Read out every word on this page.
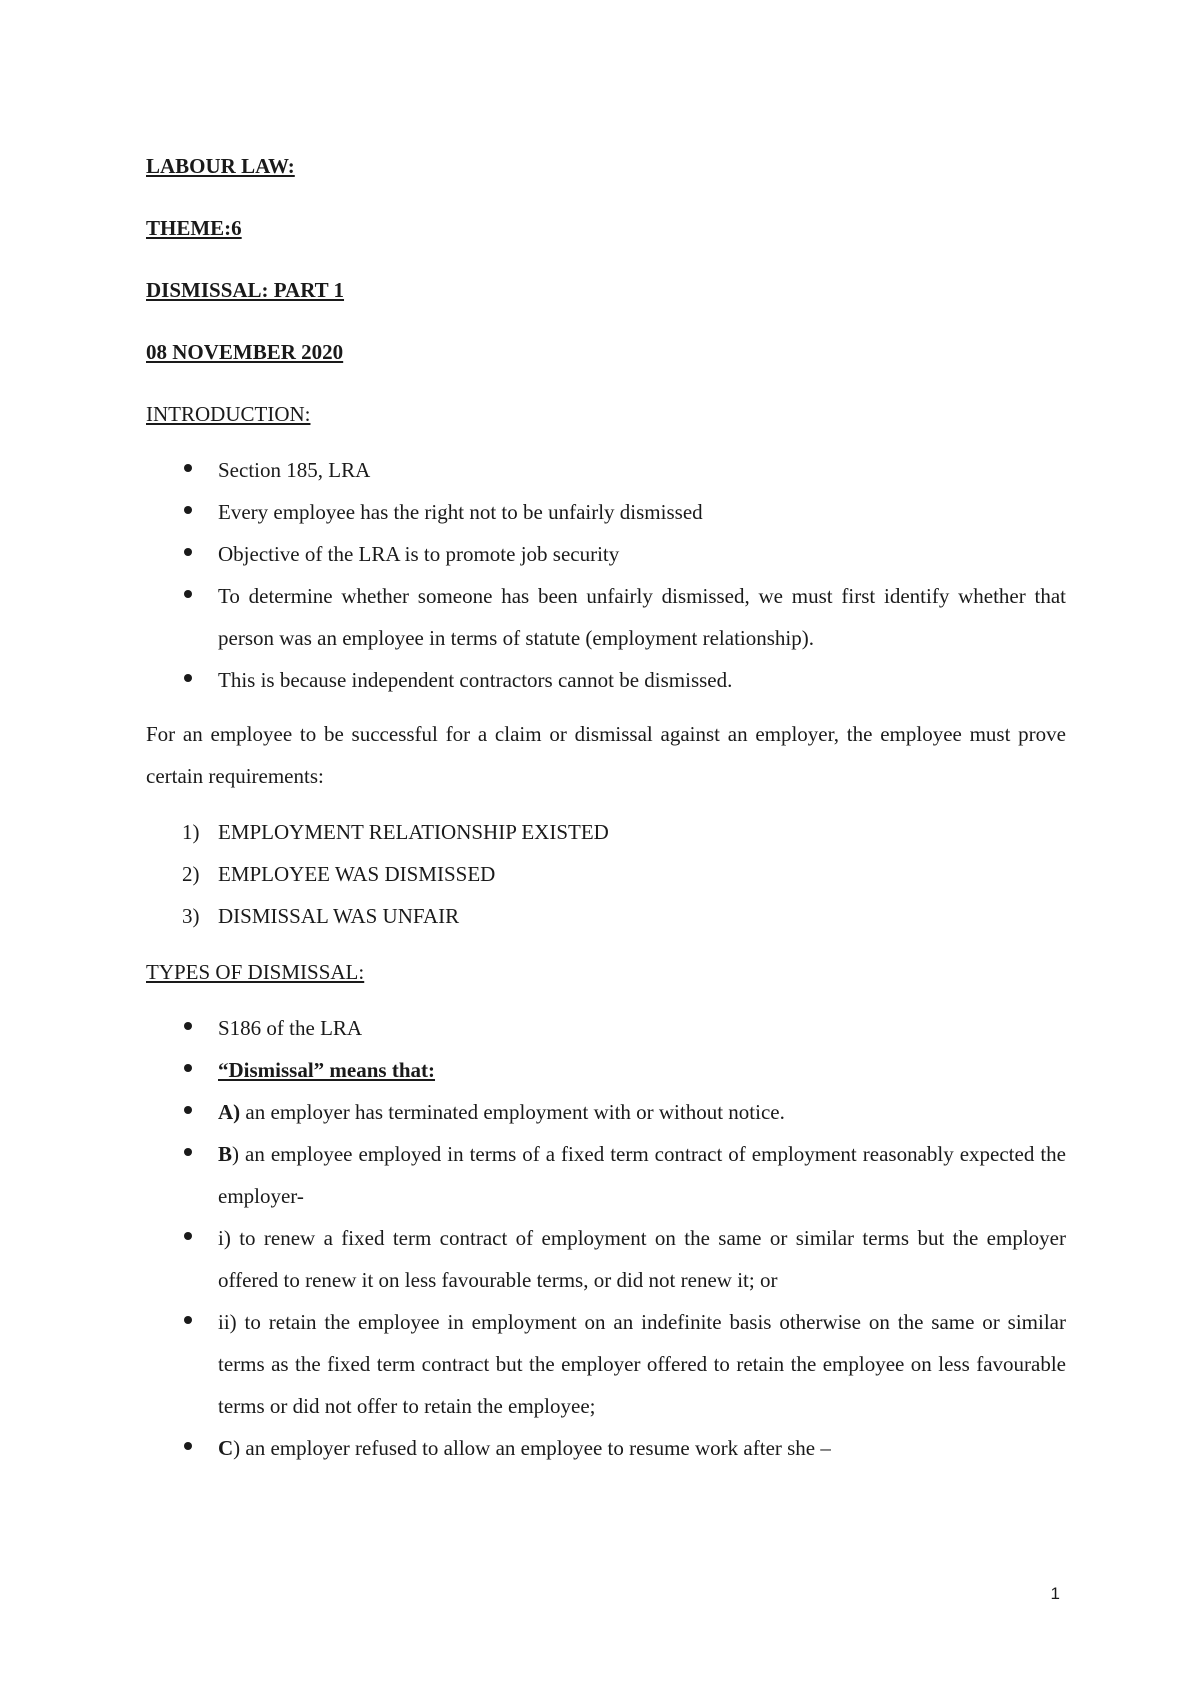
LABOUR LAW:
THEME:6
DISMISSAL: PART 1
08 NOVEMBER 2020
INTRODUCTION:
Section 185, LRA
Every employee has the right not to be unfairly dismissed
Objective of the LRA is to promote job security
To determine whether someone has been unfairly dismissed, we must first identify whether that person was an employee in terms of statute (employment relationship).
This is because independent contractors cannot be dismissed.

For an employee to be successful for a claim or dismissal against an employer, the employee must prove certain requirements:

1) EMPLOYMENT RELATIONSHIP EXISTED
2) EMPLOYEE WAS DISMISSED
3) DISMISSAL WAS UNFAIR
TYPES OF DISMISSAL:
S186 of the LRA
“Dismissal” means that:
A) an employer has terminated employment with or without notice.
B) an employee employed in terms of a fixed term contract of employment reasonably expected the employer-
i) to renew a fixed term contract of employment on the same or similar terms but the employer offered to renew it on less favourable terms, or did not renew it; or
ii) to retain the employee in employment on an indefinite basis otherwise on the same or similar terms as the fixed term contract but the employer offered to retain the employee on less favourable terms or did not offer to retain the employee;
C) an employer refused to allow an employee to resume work after she –
1
